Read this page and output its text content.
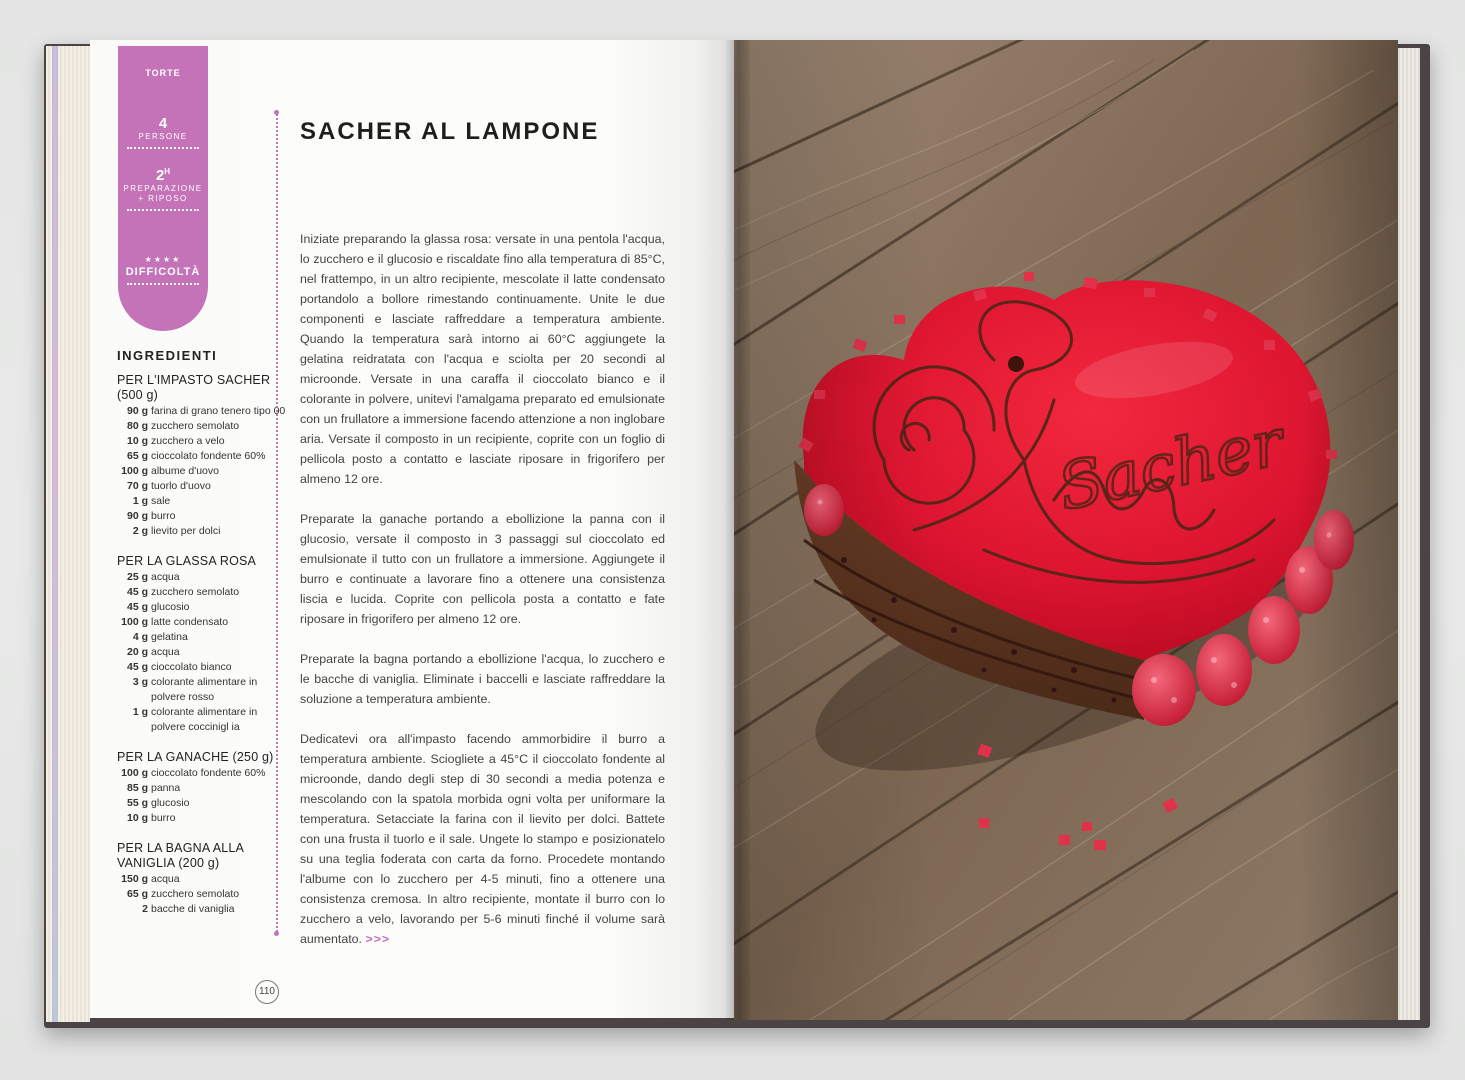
TORTE
4
PERSONE
$2^H$
PREPARAZIONE
+ RIPOSO
★★★★
DIFFICOLTÀ
INGREDIENTI
PER L'IMPASTO SACHER (500 g)
90 g farina di grano tenero tipo 00
80 g zucchero semolato
10 g zucchero a velo
65 g cioccolato fondente 60%
100 g albume d'uovo
70 g tuorlo d'uovo
1 g sale
90 g burro
2 g lievito per dolci
PER LA GLASSA ROSA
25 g acqua
45 g zucchero semolato
45 g glucosio
100 g latte condensato
4 g gelatina
20 g acqua
45 g cioccolato bianco
3 g colorante alimentare in polvere rosso
1 g colorante alimentare in polvere coccinigl ia
PER LA GANACHE (250 g)
100 g cioccolato fondente 60%
85 g panna
55 g glucosio
10 g burro
PER LA BAGNA ALLA VANIGLIA (200 g)
150 g acqua
65 g zucchero semolato
2 bacche di vaniglia
SACHER AL LAMPONE

Iniziate preparando la glassa rosa: versate in una pentola l'acqua, lo zucchero e il glucosio e riscaldate fino alla temperatura di 85°C, nel frattempo, in un altro recipiente, mescolate il latte condensato portandolo a bollore rimestando continuamente. Unite le due componenti e lasciate raffreddare a temperatura ambiente. Quando la temperatura sarà intorno ai 60°C aggiungete la gelatina reidratata con l'acqua e sciolta per 20 secondi al microonde. Versate in una caraffa il cioccolato bianco e il colorante in polvere, unitevi l'amalgama preparato ed emulsionate con un frullatore a immersione facendo attenzione a non inglobare aria. Versate il composto in un recipiente, coprite con un foglio di pellicola posto a contatto e lasciate riposare in frigorifero per almeno 12 ore.

Preparate la ganache portando a ebollizione la panna con il glucosio, versate il composto in 3 passaggi sul cioccolato ed emulsionate il tutto con un frullatore a immersione. Aggiungete il burro e continuate a lavorare fino a ottenere una consistenza liscia e lucida. Coprite con pellicola posta a contatto e fate riposare in frigorifero per almeno 12 ore.

Preparate la bagna portando a ebollizione l'acqua, lo zucchero e le bacche di vaniglia. Eliminate i baccelli e lasciate raffreddare la soluzione a temperatura ambiente.

Dedicatevi ora all'impasto facendo ammorbidire il burro a temperatura ambiente. Sciogliete a 45°C il cioccolato fondente al microonde, dando degli step di 30 secondi a media potenza e mescolando con la spatola morbida ogni volta per uniformare la temperatura. Setacciate la farina con il lievito per dolci. Battete con una frusta il tuorlo e il sale. Ungete lo stampo e posizionatelo su una teglia foderata con carta da forno. Procedete montando l'albume con lo zucchero per 4-5 minuti, fino a ottenere una consistenza cremosa. In altro recipiente, montate il burro con lo zucchero a velo, lavorando per 5-6 minuti finché il volume sarà aumentato. >>>

110
